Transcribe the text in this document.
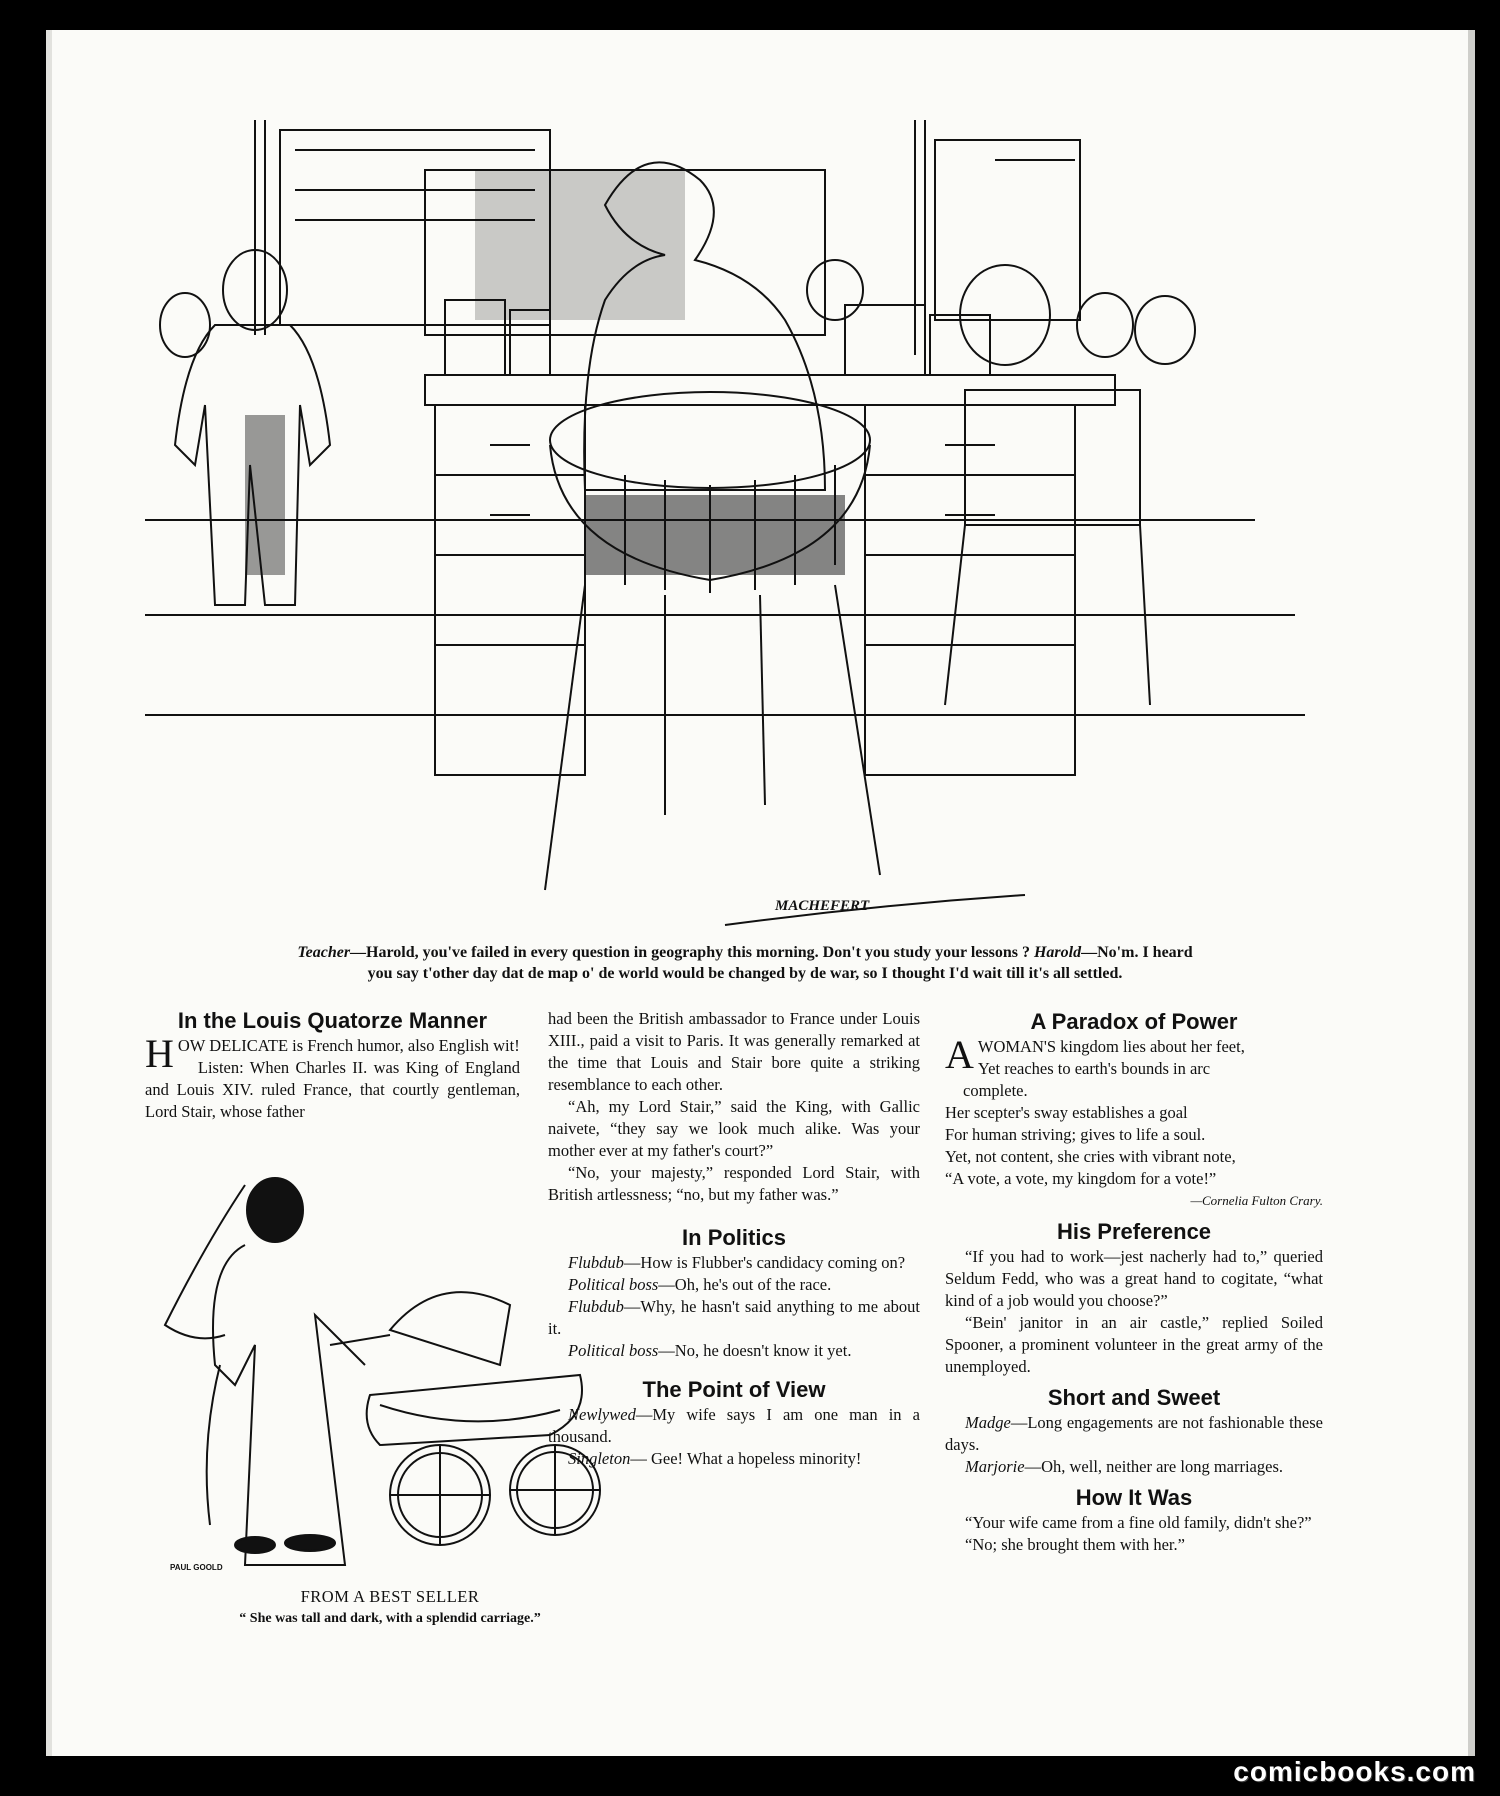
MACHEFERT
Teacher—Harold, you've failed in every question in geography this morning. Don't you study your lessons ? Harold—No'm. I heard
you say t'other day dat de map o' de world would be changed by de war, so I thought I'd wait till it's all settled.
In the Louis Quatorze Manner

HOW DELICATE is French humor, also English wit!

Listen: When Charles II. was King of England and Louis XIV. ruled France, that courtly gentleman, Lord Stair, whose father

PAUL GOOLD
FROM A BEST SELLER
“ She was tall and dark, with a splendid carriage.”

had been the British ambassador to France under Louis XIII., paid a visit to Paris. It was generally remarked at the time that Louis and Stair bore quite a striking resemblance to each other.

“Ah, my Lord Stair,” said the King, with Gallic naivete, “they say we look much alike. Was your mother ever at my father's court?”

“No, your majesty,” responded Lord Stair, with British artlessness; “no, but my father was.”

In Politics

Flubdub—How is Flubber's candidacy coming on?

Political boss—Oh, he's out of the race.

Flubdub—Why, he hasn't said anything to me about it.

Political boss—No, he doesn't know it yet.

The Point of View

Newlywed—My wife says I am one man in a thousand.

Singleton— Gee! What a hopeless minority!

A Paradox of Power
A WOMAN'S kingdom lies about her feet,
Yet reaches to earth's bounds in arc
complete.
Her scepter's sway establishes a goal
For human striving; gives to life a soul.
Yet, not content, she cries with vibrant note,
“A vote, a vote, my kingdom for a vote!”
—Cornelia Fulton Crary.
His Preference

“If you had to work—jest nacherly had to,” queried Seldum Fedd, who was a great hand to cogitate, “what kind of a job would you choose?”

“Bein' janitor in an air castle,” replied Soiled Spooner, a prominent volunteer in the great army of the unemployed.

Short and Sweet

Madge—Long engagements are not fashionable these days.

Marjorie—Oh, well, neither are long marriages.

How It Was

“Your wife came from a fine old family, didn't she?”

“No; she brought them with her.”

comicbooks.com
